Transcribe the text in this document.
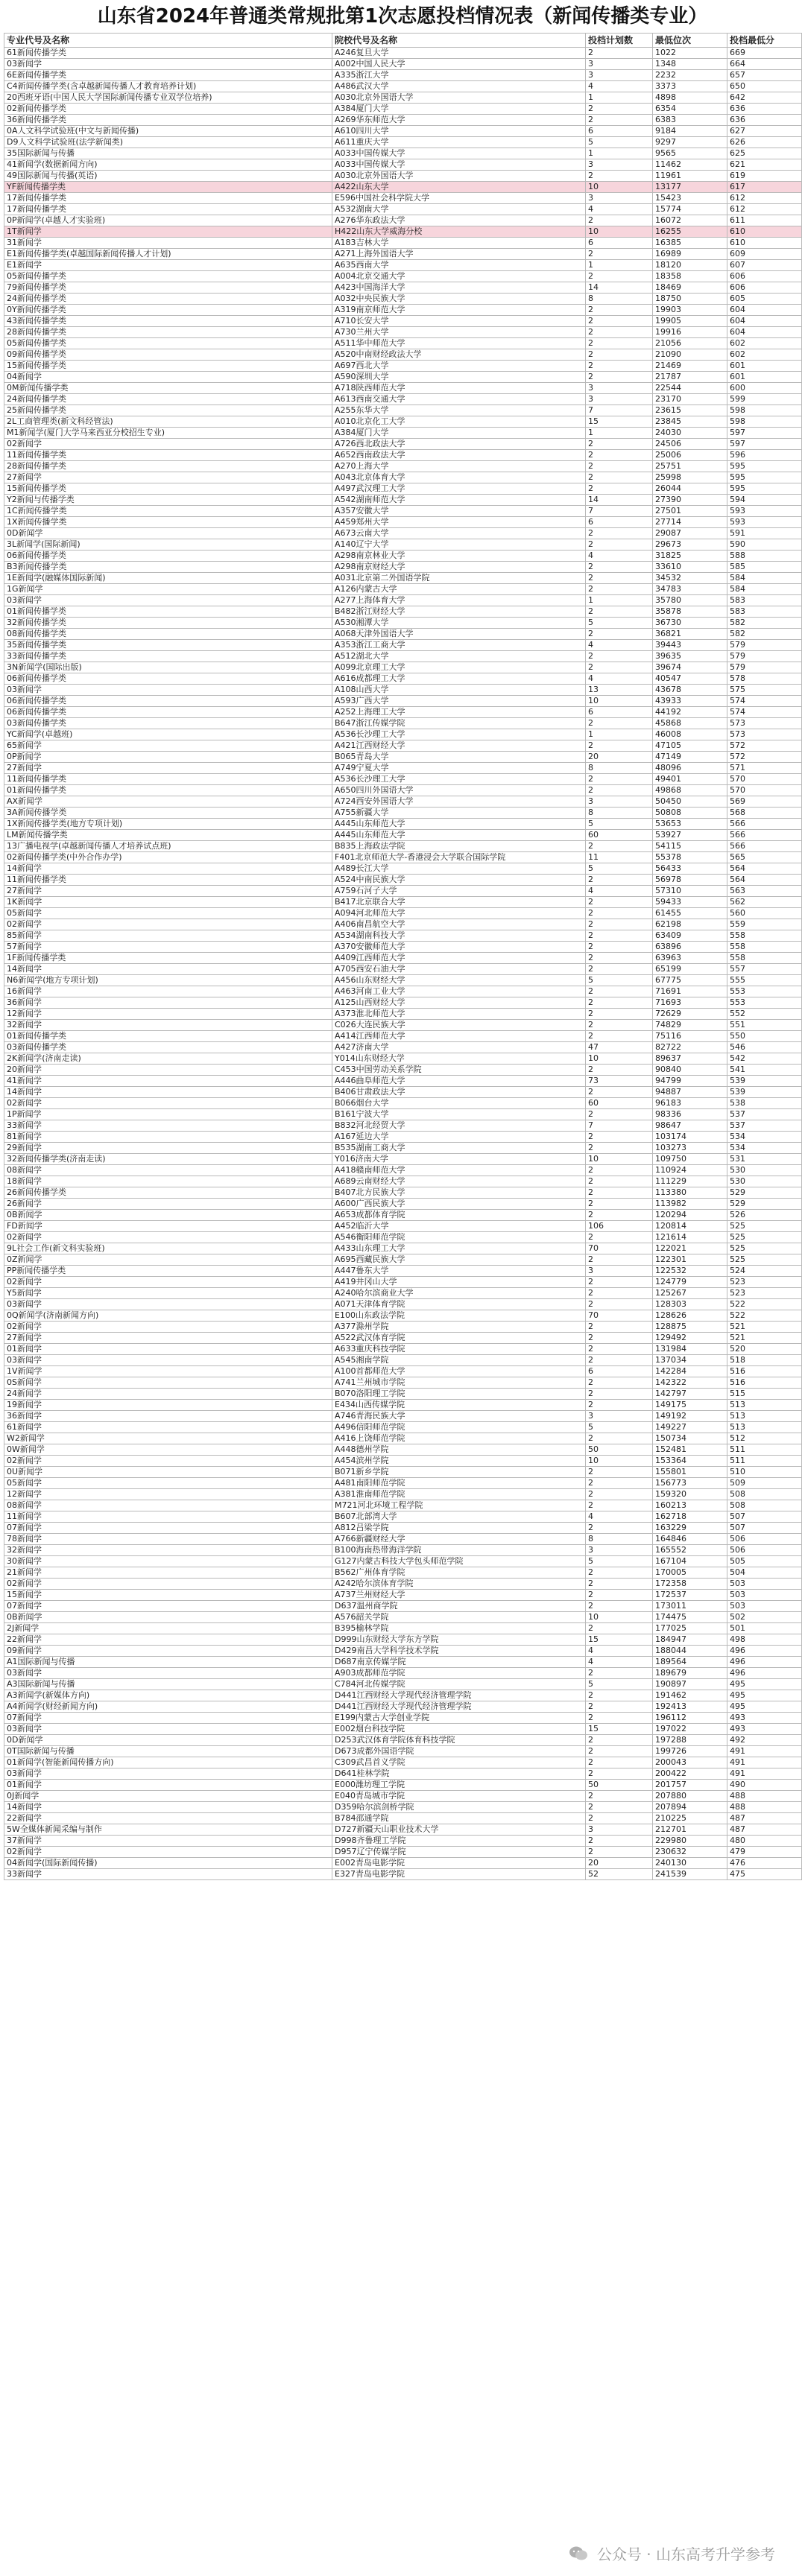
山东省2024年普通类常规批第1次志愿投档情况表（新闻传播类专业）
专业代号及名称	院校代号及名称	投档计划数	最低位次	投档最低分
61新闻传播学类	A246复旦大学	2	1022	669
03新闻学	A002中国人民大学	3	1348	664
6E新闻传播学类	A335浙江大学	3	2232	657
C4新闻传播学类(含卓越新闻传播人才教育培养计划)	A486武汉大学	4	3373	650
20西班牙语(中国人民大学国际新闻传播专业双学位培养)	A030北京外国语大学	1	4898	642
02新闻传播学类	A384厦门大学	2	6354	636
36新闻传播学类	A269华东师范大学	2	6383	636
0A人文科学试验班(中文与新闻传播)	A610四川大学	6	9184	627
D9人文科学试验班(法学新闻类)	A611重庆大学	5	9297	626
35国际新闻与传播	A033中国传媒大学	1	9565	625
41新闻学(数据新闻方向)	A033中国传媒大学	3	11462	621
49国际新闻与传播(英语)	A030北京外国语大学	2	11961	619
YF新闻传播学类	A422山东大学	10	13177	617
17新闻传播学类	E596中国社会科学院大学	3	15423	612
17新闻传播学类	A532湖南大学	4	15774	612
0P新闻学(卓越人才实验班)	A276华东政法大学	2	16072	611
1T新闻学	H422山东大学威海分校	10	16255	610
31新闻学	A183吉林大学	6	16385	610
E1新闻传播学类(卓越国际新闻传播人才计划)	A271上海外国语大学	2	16989	609
E1新闻学	A635西南大学	1	18120	607
05新闻传播学类	A004北京交通大学	2	18358	606
79新闻传播学类	A423中国海洋大学	14	18469	606
24新闻传播学类	A032中央民族大学	8	18750	605
0Y新闻传播学类	A319南京师范大学	2	19903	604
43新闻传播学类	A710长安大学	2	19905	604
28新闻传播学类	A730兰州大学	2	19916	604
05新闻传播学类	A511华中师范大学	2	21056	602
09新闻传播学类	A520中南财经政法大学	2	21090	602
15新闻传播学类	A697西北大学	2	21469	601
04新闻学	A590深圳大学	2	21787	601
0M新闻传播学类	A718陕西师范大学	3	22544	600
24新闻传播学类	A613西南交通大学	3	23170	599
25新闻传播学类	A255东华大学	7	23615	598
2L工商管理类(新文科经管法)	A010北京化工大学	15	23845	598
M1新闻学(厦门大学马来西亚分校招生专业)	A384厦门大学	1	24030	597
02新闻学	A726西北政法大学	2	24506	597
11新闻传播学类	A652西南政法大学	2	25006	596
28新闻传播学类	A270上海大学	2	25751	595
27新闻学	A043北京体育大学	2	25998	595
15新闻传播学类	A497武汉理工大学	2	26044	595
Y2新闻与传播学类	A542湖南师范大学	14	27390	594
1C新闻传播学类	A357安徽大学	7	27501	593
1X新闻传播学类	A459郑州大学	6	27714	593
0D新闻学	A673云南大学	2	29087	591
3L新闻学(国际新闻)	A140辽宁大学	2	29673	590
06新闻传播学类	A298南京林业大学	4	31825	588
B3新闻传播学类	A298南京财经大学	2	33610	585
1E新闻学(融媒体国际新闻)	A031北京第二外国语学院	2	34532	584
1G新闻学	A126内蒙古大学	2	34783	584
03新闻学	A277上海体育大学	1	35780	583
01新闻传播学类	B482浙江财经大学	2	35878	583
32新闻传播学类	A530湘潭大学	5	36730	582
08新闻传播学类	A068天津外国语大学	2	36821	582
35新闻传播学类	A353浙江工商大学	4	39443	579
33新闻传播学类	A512湖北大学	2	39635	579
3N新闻学(国际出版)	A099北京理工大学	2	39674	579
06新闻传播学类	A616成都理工大学	4	40547	578
03新闻学	A108山西大学	13	43678	575
06新闻传播学类	A593广西大学	10	43933	574
06新闻传播学类	A252上海理工大学	6	44192	574
03新闻传播学类	B647浙江传媒学院	2	45868	573
YC新闻学(卓越班)	A536长沙理工大学	1	46008	573
65新闻学	A421江西财经大学	2	47105	572
0P新闻学	B065青岛大学	20	47149	572
27新闻学	A749宁夏大学	8	48096	571
11新闻传播学类	A536长沙理工大学	2	49401	570
01新闻传播学类	A650四川外国语大学	2	49868	570
AX新闻学	A724西安外国语大学	3	50450	569
3A新闻传播学类	A755新疆大学	8	50808	568
1X新闻传播学类(地方专项计划)	A445山东师范大学	5	53653	566
LM新闻传播学类	A445山东师范大学	60	53927	566
13广播电视学(卓越新闻传播人才培养试点班)	B835上海政法学院	2	54115	566
02新闻传播学类(中外合作办学)	F401北京师范大学-香港浸会大学联合国际学院	11	55378	565
14新闻学	A489长江大学	5	56433	564
11新闻传播学类	A524中南民族大学	2	56978	564
27新闻学	A759石河子大学	4	57310	563
1K新闻学	B417北京联合大学	2	59433	562
05新闻学	A094河北师范大学	2	61455	560
02新闻学	A406南昌航空大学	2	62198	559
85新闻学	A534湖南科技大学	2	63409	558
57新闻学	A370安徽师范大学	2	63896	558
1F新闻传播学类	A409江西师范大学	2	63963	558
14新闻学	A705西安石油大学	2	65199	557
N6新闻学(地方专项计划)	A456山东财经大学	5	67775	555
16新闻学	A463河南工业大学	2	71691	553
36新闻学	A125山西财经大学	2	71693	553
12新闻学	A373淮北师范大学	2	72629	552
32新闻学	C026大连民族大学	2	74829	551
01新闻传播学类	A414江西师范大学	2	75116	550
03新闻传播学类	A427济南大学	47	82722	546
2K新闻学(济南走读)	Y014山东财经大学	10	89637	542
20新闻学	C453中国劳动关系学院	2	90840	541
41新闻学	A446曲阜师范大学	73	94799	539
14新闻学	B406甘肃政法大学	2	94887	539
02新闻学	B066烟台大学	60	96183	538
1P新闻学	B161宁波大学	2	98336	537
33新闻学	B832河北经贸大学	7	98647	537
81新闻学	A167延边大学	2	103174	534
29新闻学	B535湖南工商大学	2	103273	534
32新闻传播学类(济南走读)	Y016济南大学	10	109750	531
08新闻学	A418赣南师范大学	2	110924	530
18新闻学	A689云南财经大学	2	111229	530
26新闻传播学类	B407北方民族大学	2	113380	529
26新闻学	A600广西民族大学	2	113982	529
0B新闻学	A653成都体育学院	2	120294	526
FD新闻学	A452临沂大学	106	120814	525
02新闻学	A546衡阳师范学院	2	121614	525
9L社会工作(新文科实验班)	A433山东理工大学	70	122021	525
0Z新闻学	A695西藏民族大学	2	122301	525
PP新闻传播学类	A447鲁东大学	3	122532	524
02新闻学	A419井冈山大学	2	124779	523
Y5新闻学	A240哈尔滨商业大学	2	125267	523
03新闻学	A071天津体育学院	2	128303	522
0Q新闻学(济南新闻方向)	E100山东政法学院	70	128626	522
02新闻学	A377滁州学院	2	128875	521
27新闻学	A522武汉体育学院	2	129492	521
01新闻学	A633重庆科技学院	2	131984	520
03新闻学	A545湘南学院	2	137034	518
1V新闻学	A100首都师范大学	6	142284	516
0S新闻学	A741兰州城市学院	2	142322	516
24新闻学	B070洛阳理工学院	2	142797	515
19新闻学	E434山西传媒学院	2	149175	513
36新闻学	A746青海民族大学	3	149192	513
61新闻学	A496信阳师范学院	5	149227	513
W2新闻学	A416上饶师范学院	2	150734	512
0W新闻学	A448德州学院	50	152481	511
02新闻学	A454滨州学院	10	153364	511
0U新闻学	B071新乡学院	2	155801	510
05新闻学	A481南阳师范学院	2	156773	509
12新闻学	A381淮南师范学院	2	159320	508
08新闻学	M721河北环境工程学院	2	160213	508
11新闻学	B607北部湾大学	4	162718	507
07新闻学	A812吕梁学院	2	163229	507
78新闻学	A766新疆财经大学	8	164846	506
32新闻学	B100海南热带海洋学院	3	165552	506
30新闻学	G127内蒙古科技大学包头师范学院	5	167104	505
21新闻学	B562广州体育学院	2	170005	504
02新闻学	A242哈尔滨体育学院	2	172358	503
15新闻学	A737兰州财经大学	2	172537	503
07新闻学	D637温州商学院	2	173011	503
0B新闻学	A576韶关学院	10	174475	502
2J新闻学	B395榆林学院	2	177025	501
22新闻学	D999山东财经大学东方学院	15	184947	498
09新闻学	D429南昌大学科学技术学院	4	188044	496
A1国际新闻与传播	D687南京传媒学院	4	189564	496
03新闻学	A903成都师范学院	2	189679	496
A3国际新闻与传播	C784河北传媒学院	5	190897	495
A3新闻学(新媒体方向)	D441江西财经大学现代经济管理学院	2	191462	495
A4新闻学(财经新闻方向)	D441江西财经大学现代经济管理学院	2	192413	495
07新闻学	E199内蒙古大学创业学院	2	196112	493
03新闻学	E002烟台科技学院	15	197022	493
0D新闻学	D253武汉体育学院体育科技学院	2	197288	492
0T国际新闻与传播	D673成都外国语学院	2	199726	491
01新闻学(智能新闻传播方向)	C309武昌首义学院	2	200043	491
03新闻学	D641桂林学院	2	200422	491
01新闻学	E000潍坊理工学院	50	201757	490
0J新闻学	E040青岛城市学院	2	207880	488
14新闻学	D359哈尔滨剑桥学院	2	207894	488
22新闻学	B784邵通学院	2	210225	487
5W全媒体新闻采编与制作	D727新疆天山职业技术大学	3	212701	487
37新闻学	D998齐鲁理工学院	2	229980	480
02新闻学	D957辽宁传媒学院	2	230632	479
04新闻学(国际新闻传播)	E002青岛电影学院	20	240130	476
33新闻学	E327青岛电影学院	52	241539	475
公众号 · 山东高考升学参考
